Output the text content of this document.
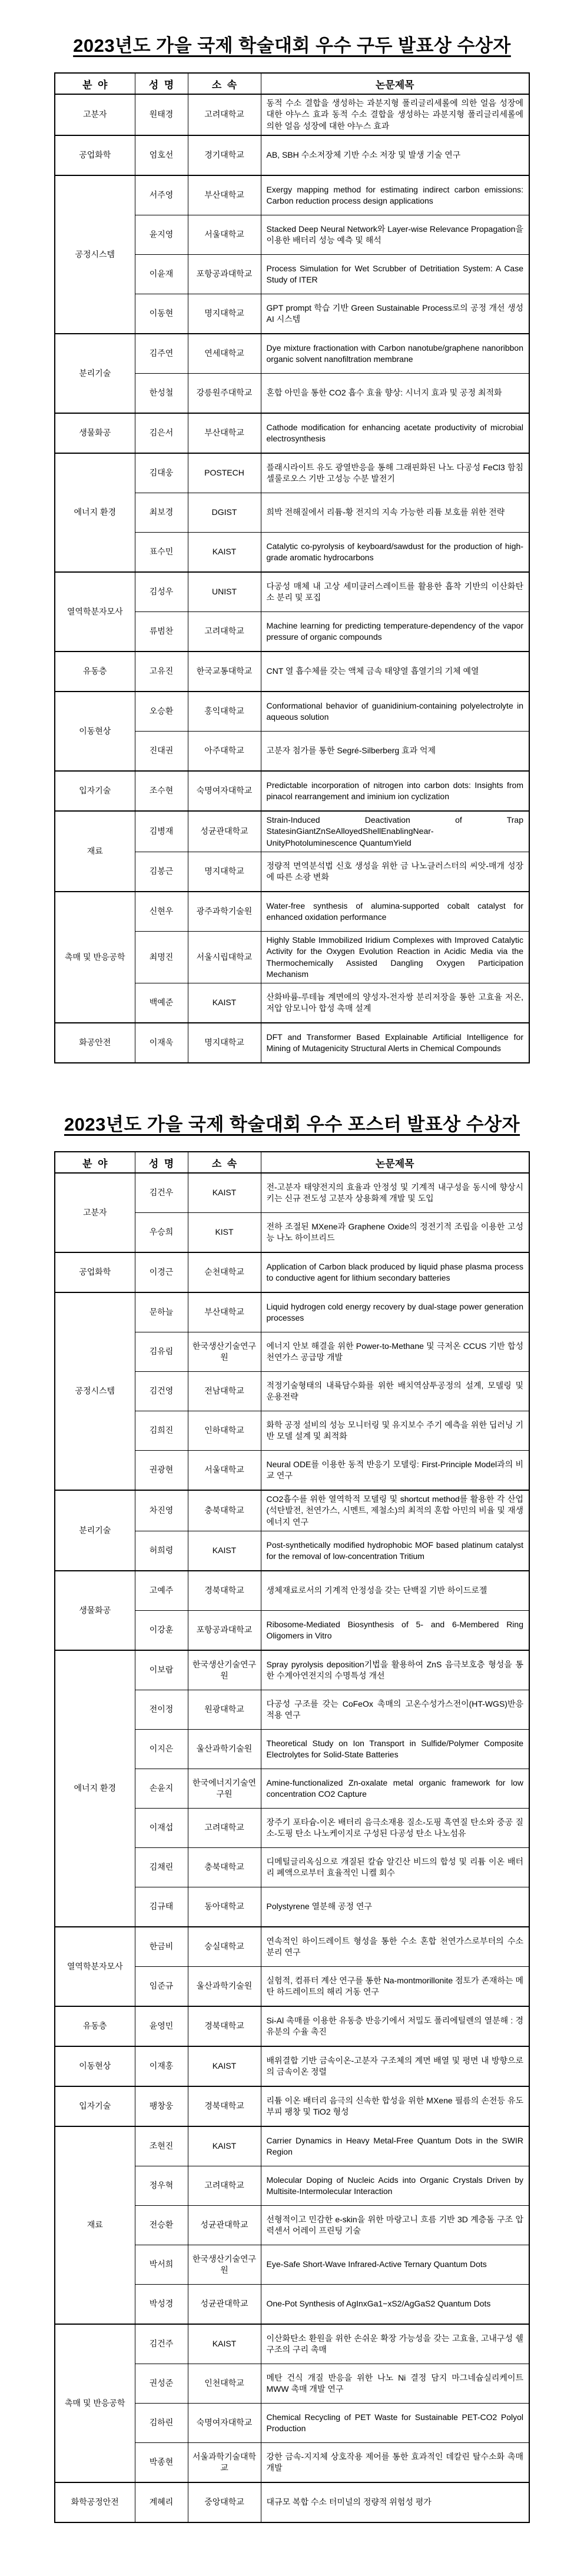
2023년도 가을 국제 학술대회 우수 구두 발표상 수상자
분  야	성  명	소  속	논문제목
고분자	원태경	고려대학교	동적 수소 결합을 생성하는 과분지형 폴리글리세롤에 의한 얼음 성장에 대한 야누스 효과 동적 수소 결합을 생성하는 과분지형 폴리글리세롤에 의한 얼음 성장에 대한 야누스 효과
공업화학	엄호선	경기대학교	AB, SBH 수소저장체 기반 수소 저장 및 발생 기술 연구
공정시스템	서주영	부산대학교	Exergy mapping method for estimating indirect carbon emissions: Carbon reduction process design applications
	윤지영	서울대학교	Stacked Deep Neural Network와 Layer-wise Relevance Propagation을 이용한 배터리 성능 예측 및 해석
	이윤재	포항공과대학교	Process Simulation for Wet Scrubber of Detritiation System: A Case Study of ITER
	이동현	명지대학교	GPT prompt 학습 기반 Green Sustainable Process로의 공정 개선 생성 AI 시스템
분리기술	김주연	연세대학교	Dye mixture fractionation with Carbon nanotube/graphene nanoribbon organic solvent nanofiltration membrane
	한성철	강릉원주대학교	혼합 아민을 통한 CO2 흡수 효율 향상: 시너지 효과 및 공정 최적화
생물화공	김은서	부산대학교	Cathode modification for enhancing acetate productivity of microbial electrosynthesis
에너지 환경	김대웅	POSTECH	플래시라이트 유도 광열반응을 통해 그래핀화된 나노 다공성 FeCl3 함침 셀룰로오스 기반 고성능 수분 발전기
	최보경	DGIST	희박 전해질에서 리튬-황 전지의 지속 가능한 리튬 보호를 위한 전략
	표수민	KAIST	Catalytic co-pyrolysis of keyboard/sawdust for the production of high-grade aromatic hydrocarbons
열역학분자모사	김성우	UNIST	다공성 매체 내 고상 세미클러스레이트를 활용한 흡착 기반의 이산화탄소 분리 및 포집
	류범찬	고려대학교	Machine learning for predicting temperature-dependency of the vapor pressure of organic compounds
유동층	고유진	한국교통대학교	CNT 열 흡수체를 갖는 액체 금속 태양열 흡열기의 기체 예열
이동현상	오승환	홍익대학교	Conformational behavior of guanidinium-containing polyelectrolyte in aqueous solution
	진대권	아주대학교	고분자 첨가를 통한 Segré-Silberberg 효과 억제
입자기술	조수현	숙명여자대학교	Predictable incorporation of nitrogen into carbon dots: Insights from pinacol rearrangement and iminium ion cyclization
재료	김병재	성균관대학교	Strain-Induced Deactivation of Trap StatesinGiantZnSeAlloyedShellEnablingNear-UnityPhotoluminescence QuantumYield
	김봉근	명지대학교	정량적 면역분석법 신호 생성을 위한 금 나노클러스터의 씨앗-매개 성장에 따른 소광 변화
촉매 및 반응공학	신현우	광주과학기술원	Water-free synthesis of alumina-supported cobalt catalyst for enhanced oxidation performance
	최명진	서울시립대학교	Highly Stable Immobilized Iridium Complexes with Improved Catalytic Activity for the Oxygen Evolution Reaction in Acidic Media via the Thermochemically Assisted Dangling Oxygen Participation Mechanism
	백예준	KAIST	산화바륨-루테늄 계면에의 양성자-전자쌍 분리저장을 통한 고효율 저온, 저압 암모니아 합성 촉매 설계
화공안전	이재욱	명지대학교	DFT and Transformer Based Explainable Artificial Intelligence for Mining of Mutagenicity Structural Alerts in Chemical Compounds
2023년도 가을 국제 학술대회 우수 포스터 발표상 수상자
분  야	성  명	소  속	논문제목
고분자	김건우	KAIST	전-고분자 태양전지의 효율과 안정성 및 기계적 내구성을 동시에 향상시키는 신규 전도성 고분자 상용화제 개발 및 도입
	우승희	KIST	전하 조절된 MXene과 Graphene Oxide의 정전기적 조립을 이용한 고성능 나노 하이브리드
공업화학	이경근	순천대학교	Application of Carbon black produced by liquid phase plasma process to conductive agent for lithium secondary batteries
공정시스템	문하늘	부산대학교	Liquid hydrogen cold energy recovery by dual-stage power generation processes
	김유림	한국생산기술연구원	에너지 안보 해결을 위한 Power-to-Methane 및 극저온 CCUS 기반 합성천연가스 공급망 개발
	김건영	전남대학교	적정기술형태의 내륙담수화를 위한 배치역삼투공정의 설계, 모델링 및 운용전략
	김희진	인하대학교	화학 공정 설비의 성능 모니터링 및 유지보수 주기 예측을 위한 딥러닝 기반 모델 설계 및 최적화
	권광현	서울대학교	Neural ODE를 이용한 동적 반응기 모델링: First-Principle Model과의 비교 연구
분리기술	차진영	충북대학교	CO2흡수를 위한 열역학적 모델링 및 shortcut method를 활용한 각 산업(석탄발전, 천연가스, 시멘트, 제철소)의 최적의 혼합 아민의 비율 및 재생에너지 연구
	허희령	KAIST	Post-synthetically modified hydrophobic MOF based platinum catalyst for the removal of low-concentration Tritium
생물화공	고예주	경북대학교	생체재료로서의 기계적 안정성을 갖는 단백질 기반 하이드로젤
	이강훈	포항공과대학교	Ribosome-Mediated Biosynthesis of 5- and 6-Membered Ring Oligomers in Vitro
에너지 환경	이보람	한국생산기술연구원	Spray pyrolysis deposition기법을 활용하여 ZnS 음극보호층 형성을 통한 수계아연전지의 수명특성 개선
	전이정	원광대학교	다공성 구조를 갖는 CoFeOx 촉매의 고온수성가스전이(HT-WGS)반응 적용 연구
	이지은	울산과학기술원	Theoretical Study on Ion Transport in Sulfide/Polymer Composite Electrolytes for Solid-State Batteries
	손윤지	한국에너지기술연구원	Amine-functionalized Zn-oxalate metal organic framework for low concentration CO2 Capture
	이재섭	고려대학교	장주기 포타슘-이온 배터리 음극소재용 질소-도핑 흑연질 탄소와 중공 질소-도핑 탄소 나노케이지로 구성된 다공성 탄소 나노섬유
	김채린	충북대학교	디메틸글리옥심으로 개질된 칼슘 알긴산 비드의 합성 및 리튬 이온 배터리 폐액으로부터 효율적인 니켈 회수
	김규태	동아대학교	Polystyrene 열분해 공정 연구
열역학분자모사	한금비	숭실대학교	연속적인 하이드레이트 형성을 통한 수소 혼합 천연가스로부터의 수소 분리 연구
	임준규	울산과학기술원	실험적, 컴퓨터 계산 연구를 통한 Na-montmorillonite 점토가 존재하는 메탄 하드레이트의 해리 거동 연구
유동층	윤영민	경북대학교	Si-Al 촉매를 이용한 유동층 반응기에서 저밀도 폴리에틸렌의 열분해 : 경유분의 수율 촉진
이동현상	이재홍	KAIST	배위결합 기반 금속이온-고분자 구조체의 계면 배열 및 평면 내 방향으로의 금속이온 정렬
입자기술	팽창웅	경북대학교	리튬 이온 배터리 음극의 신속한 합성을 위한 MXene 필름의 손전등 유도 부피 팽창 및 TiO2 형성
재료	조현진	KAIST	Carrier Dynamics in Heavy Metal-Free Quantum Dots in the SWIR Region
	정우혁	고려대학교	Molecular Doping of Nucleic Acids into Organic Crystals Driven by Multisite-Intermolecular Interaction
	전승환	성균관대학교	선형적이고 민감한 e-skin을 위한 마랑고니 흐름 기반 3D 계층돔 구조 압력센서 어레이 프린팅 기술
	박서희	한국생산기술연구원	Eye-Safe Short-Wave Infrared-Active Ternary Quantum Dots
	박성경	성균관대학교	One-Pot Synthesis of AgInxGa1−xS2/AgGaS2 Quantum Dots
촉매 및 반응공학	김건주	KAIST	이산화탄소 환원을 위한 손쉬운 확장 가능성을 갖는 고효율, 고내구성 쉘 구조의 구리 촉매
	권성준	인천대학교	메탄 건식 개질 반응을 위한 나노 Ni 결정 담지 마그네슘실리케이트 MWW 촉매 개발 연구
	김하린	숙명여자대학교	Chemical Recycling of PET Waste for Sustainable PET-CO2 Polyol Production
	박종현	서울과학기술대학교	강한 금속-지지체 상호작용 제어를 통한 효과적인 데칼린 탈수소화 촉매 개발
화학공정안전	계혜리	중앙대학교	대규모 복합 수소 터미널의 정량적 위험성 평가
